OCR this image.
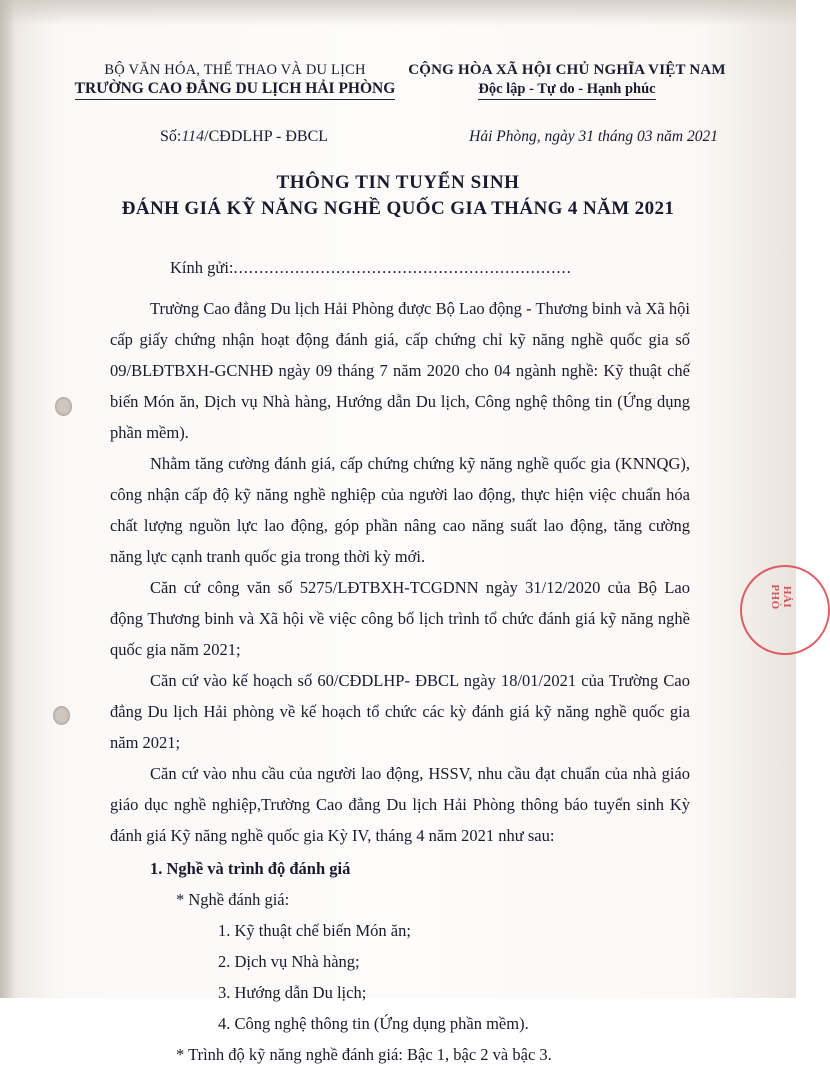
HẢI PHÒ
BỘ VĂN HÓA, THỂ THAO VÀ DU LỊCH
TRƯỜNG CAO ĐẲNG DU LỊCH HẢI PHÒNG
CỘNG HÒA XÃ HỘI CHỦ NGHĨA VIỆT NAM
Độc lập - Tự do - Hạnh phúc
Số:114/CĐDLHP - ĐBCL	Hải Phòng, ngày 31 tháng 03 năm 2021
THÔNG TIN TUYỂN SINH
ĐÁNH GIÁ KỸ NĂNG NGHỀ QUỐC GIA THÁNG 4 NĂM 2021
Kính gửi:..................................................................

Trường Cao đẳng Du lịch Hải Phòng được Bộ Lao động - Thương binh và Xã hội cấp giấy chứng nhận hoạt động đánh giá, cấp chứng chỉ kỹ năng nghề quốc gia số 09/BLĐTBXH-GCNHĐ ngày 09 tháng 7 năm 2020 cho 04 ngành nghề: Kỹ thuật chế biến Món ăn, Dịch vụ Nhà hàng, Hướng dẫn Du lịch, Công nghệ thông tin (Ứng dụng phần mềm).

Nhằm tăng cường đánh giá, cấp chứng chứng kỹ năng nghề quốc gia (KNNQG), công nhận cấp độ kỹ năng nghề nghiệp của người lao động, thực hiện việc chuẩn hóa chất lượng nguồn lực lao động, góp phần nâng cao năng suất lao động, tăng cường năng lực cạnh tranh quốc gia trong thời kỳ mới.

Căn cứ công văn số 5275/LĐTBXH-TCGDNN ngày 31/12/2020 của Bộ Lao động Thương binh và Xã hội về việc công bố lịch trình tổ chức đánh giá kỹ năng nghề quốc gia năm 2021;

Căn cứ vào kế hoạch số 60/CĐDLHP- ĐBCL ngày 18/01/2021 của Trường Cao đẳng Du lịch Hải phòng về kế hoạch tổ chức các kỳ đánh giá kỹ năng nghề quốc gia năm 2021;

Căn cứ vào nhu cầu của người lao động, HSSV, nhu cầu đạt chuẩn của nhà giáo giáo dục nghề nghiệp,Trường Cao đẳng Du lịch Hải Phòng thông báo tuyển sinh Kỳ đánh giá Kỹ năng nghề quốc gia Kỳ IV, tháng 4 năm 2021 như sau:

1. Nghề và trình độ đánh giá

* Nghề đánh giá:

1. Kỹ thuật chế biến Món ăn;

2. Dịch vụ Nhà hàng;

3. Hướng dẫn Du lịch;

4. Công nghệ thông tin (Ứng dụng phần mềm).

* Trình độ kỹ năng nghề đánh giá: Bậc 1, bậc 2 và bậc 3.
